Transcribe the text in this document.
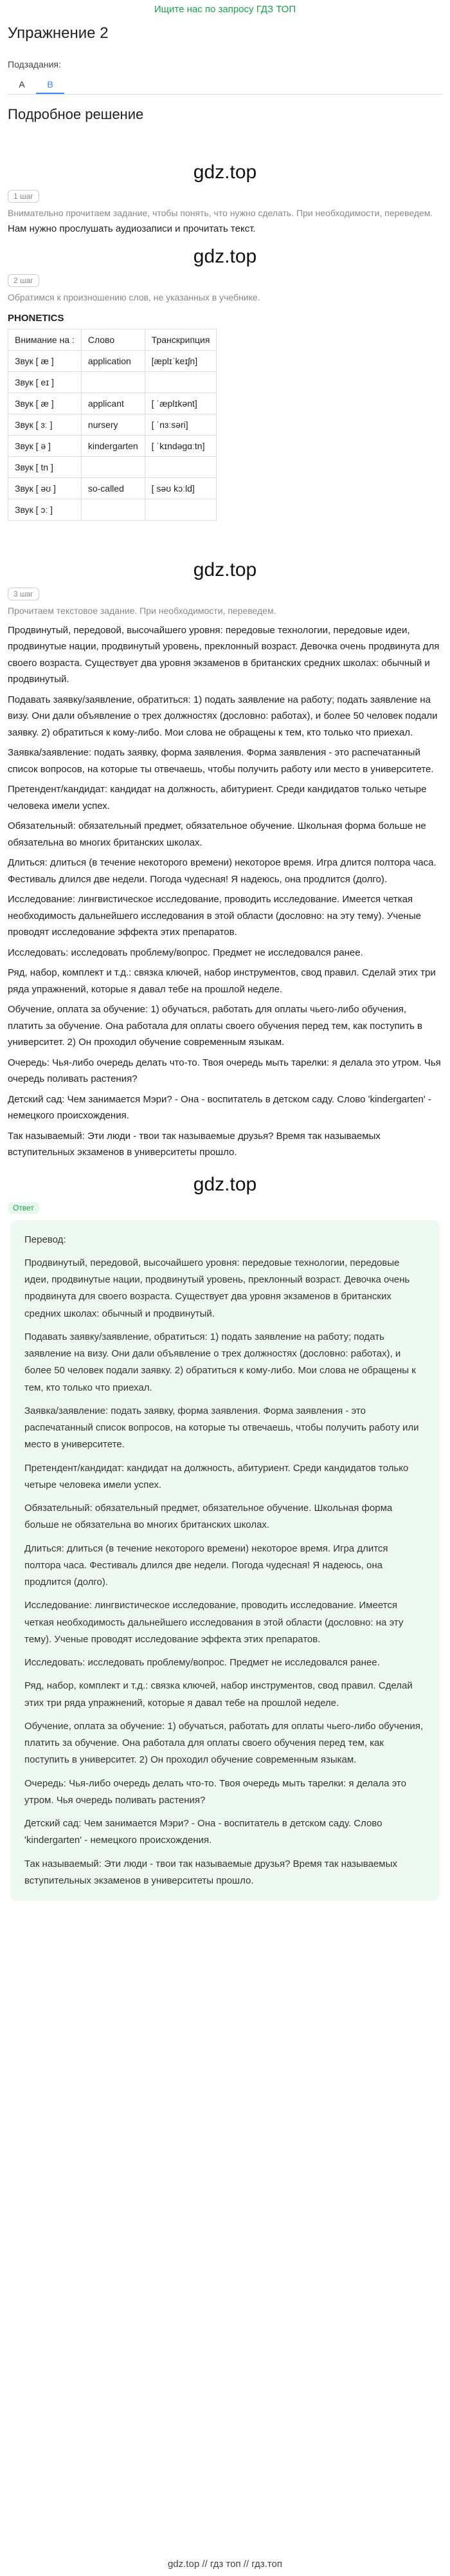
Ищите нас по запросу ГДЗ ТОП
Упражнение 2
Подзадания:
A	B
Подробное решение
gdz.top
1 шаг
Внимательно прочитаем задание, чтобы понять, что нужно сделать. При необходимости, переведем.
Нам нужно прослушать аудиозаписи и прочитать текст.
gdz.top
2 шаг
Обратимся к произношению слов, не указанных в учебнике.
PHONETICS
Внимание на :	Слово	Транскрипция
Звук [ æ ]	application	[æplɪˈkeɪʃn]
Звук [ eɪ ]		
Звук [ æ ]	applicant	[ ˈæplɪkənt]
Звук [ ɜː ]	nursery	[ ˈnɜːsəri]
Звук [ ə ]	kindergarten	[ ˈkɪndəɡɑːtn]
Звук [ tn ]		
Звук [ əʊ ]	so-called	[ səʊ kɔːld]
Звук [ ɔː ]		
gdz.top
3 шаг
Прочитаем текстовое задание. При необходимости, переведем.

Продвинутый, передовой, высочайшего уровня: передовые технологии, передовые идеи, продвинутые нации, продвинутый уровень, преклонный возраст. Девочка очень продвинута для своего возраста. Существует два уровня экзаменов в британских средних школах: обычный и продвинутый.

Подавать заявку/заявление, обратиться: 1) подать заявление на работу; подать заявление на визу. Они дали объявление о трех должностях (дословно: работах), и более 50 человек подали заявку. 2) обратиться к кому-либо. Мои слова не обращены к тем, кто только что приехал.

Заявка/заявление: подать заявку, форма заявления. Форма заявления - это распечатанный список вопросов, на которые ты отвечаешь, чтобы получить работу или место в университете.

Претендент/кандидат: кандидат на должность, абитуриент. Среди кандидатов только четыре человека имели успех.

Обязательный: обязательный предмет, обязательное обучение. Школьная форма больше не обязательна во многих британских школах.

Длиться: длиться (в течение некоторого времени) некоторое время. Игра длится полтора часа. Фестиваль длился две недели. Погода чудесная! Я надеюсь, она продлится (долго).

Исследование: лингвистическое исследование, проводить исследование. Имеется четкая необходимость дальнейшего исследования в этой области (дословно: на эту тему). Ученые проводят исследование эффекта этих препаратов.

Исследовать: исследовать проблему/вопрос. Предмет не исследовался ранее.

Ряд, набор, комплект и т.д.: связка ключей, набор инструментов, свод правил. Сделай этих три ряда упражнений, которые я давал тебе на прошлой неделе.

Обучение, оплата за обучение: 1) обучаться, работать для оплаты чьего-либо обучения, платить за обучение. Она работала для оплаты своего обучения перед тем, как поступить в университет. 2) Он проходил обучение современным языкам.

Очередь: Чья-либо очередь делать что-то. Твоя очередь мыть тарелки: я делала это утром. Чья очередь поливать растения?

Детский сад: Чем занимается Мэри? - Она - воспитатель в детском саду. Слово 'kindergarten' - немецкого происхождения.

Так называемый: Эти люди - твои так называемые друзья? Время так называемых вступительных экзаменов в университеты прошло.

gdz.top
Ответ

Перевод:

Продвинутый, передовой, высочайшего уровня: передовые технологии, передовые идеи, продвинутые нации, продвинутый уровень, преклонный возраст. Девочка очень продвинута для своего возраста. Существует два уровня экзаменов в британских средних школах: обычный и продвинутый.

Подавать заявку/заявление, обратиться: 1) подать заявление на работу; подать заявление на визу. Они дали объявление о трех должностях (дословно: работах), и более 50 человек подали заявку. 2) обратиться к кому-либо. Мои слова не обращены к тем, кто только что приехал.

Заявка/заявление: подать заявку, форма заявления. Форма заявления - это распечатанный список вопросов, на которые ты отвечаешь, чтобы получить работу или место в университете.

Претендент/кандидат: кандидат на должность, абитуриент. Среди кандидатов только четыре человека имели успех.

Обязательный: обязательный предмет, обязательное обучение. Школьная форма больше не обязательна во многих британских школах.

Длиться: длиться (в течение некоторого времени) некоторое время. Игра длится полтора часа. Фестиваль длился две недели. Погода чудесная! Я надеюсь, она продлится (долго).

Исследование: лингвистическое исследование, проводить исследование. Имеется четкая необходимость дальнейшего исследования в этой области (дословно: на эту тему). Ученые проводят исследование эффекта этих препаратов.

Исследовать: исследовать проблему/вопрос. Предмет не исследовался ранее.

Ряд, набор, комплект и т.д.: связка ключей, набор инструментов, свод правил. Сделай этих три ряда упражнений, которые я давал тебе на прошлой неделе.

Обучение, оплата за обучение: 1) обучаться, работать для оплаты чьего-либо обучения, платить за обучение. Она работала для оплаты своего обучения перед тем, как поступить в университет. 2) Он проходил обучение современным языкам.

Очередь: Чья-либо очередь делать что-то. Твоя очередь мыть тарелки: я делала это утром. Чья очередь поливать растения?

Детский сад: Чем занимается Мэри? - Она - воспитатель в детском саду. Слово 'kindergarten' - немецкого происхождения.

Так называемый: Эти люди - твои так называемые друзья? Время так называемых вступительных экзаменов в университеты прошло.

gdz.top // гдз топ // гдз.топ
